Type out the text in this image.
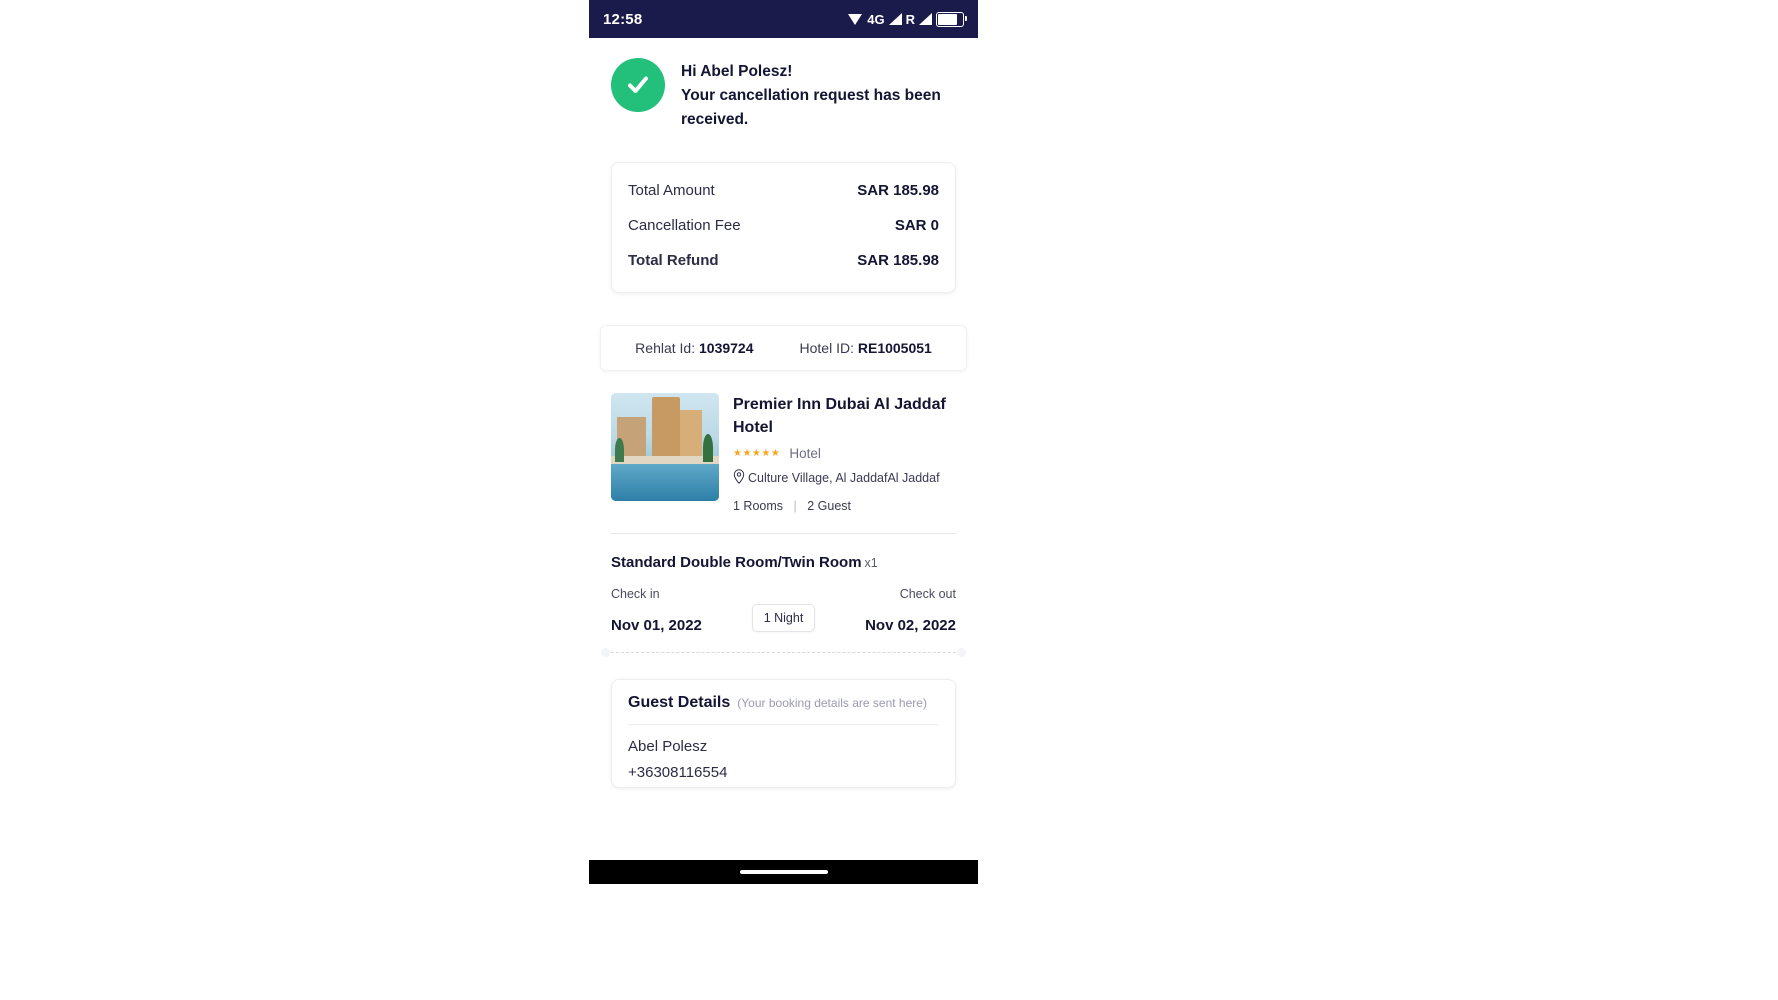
12:58	4G R
Hi Abel Polesz!
Your cancellation request has been received.
Total Amount	SAR 185.98
Cancellation Fee	SAR 0
Total Refund	SAR 185.98
Rehlat Id: 1039724	Hotel ID: RE1005051
Premier Inn Dubai Al Jaddaf Hotel
★★★★★ Hotel
Culture Village, Al JaddafAl Jaddaf
1 Rooms | 2 Guest
Standard Double Room/Twin Room x1
Check in
Nov 01, 2022	1 Night
Check out
Nov 02, 2022
Guest Details (Your booking details are sent here)
Abel Polesz
+36308116554
